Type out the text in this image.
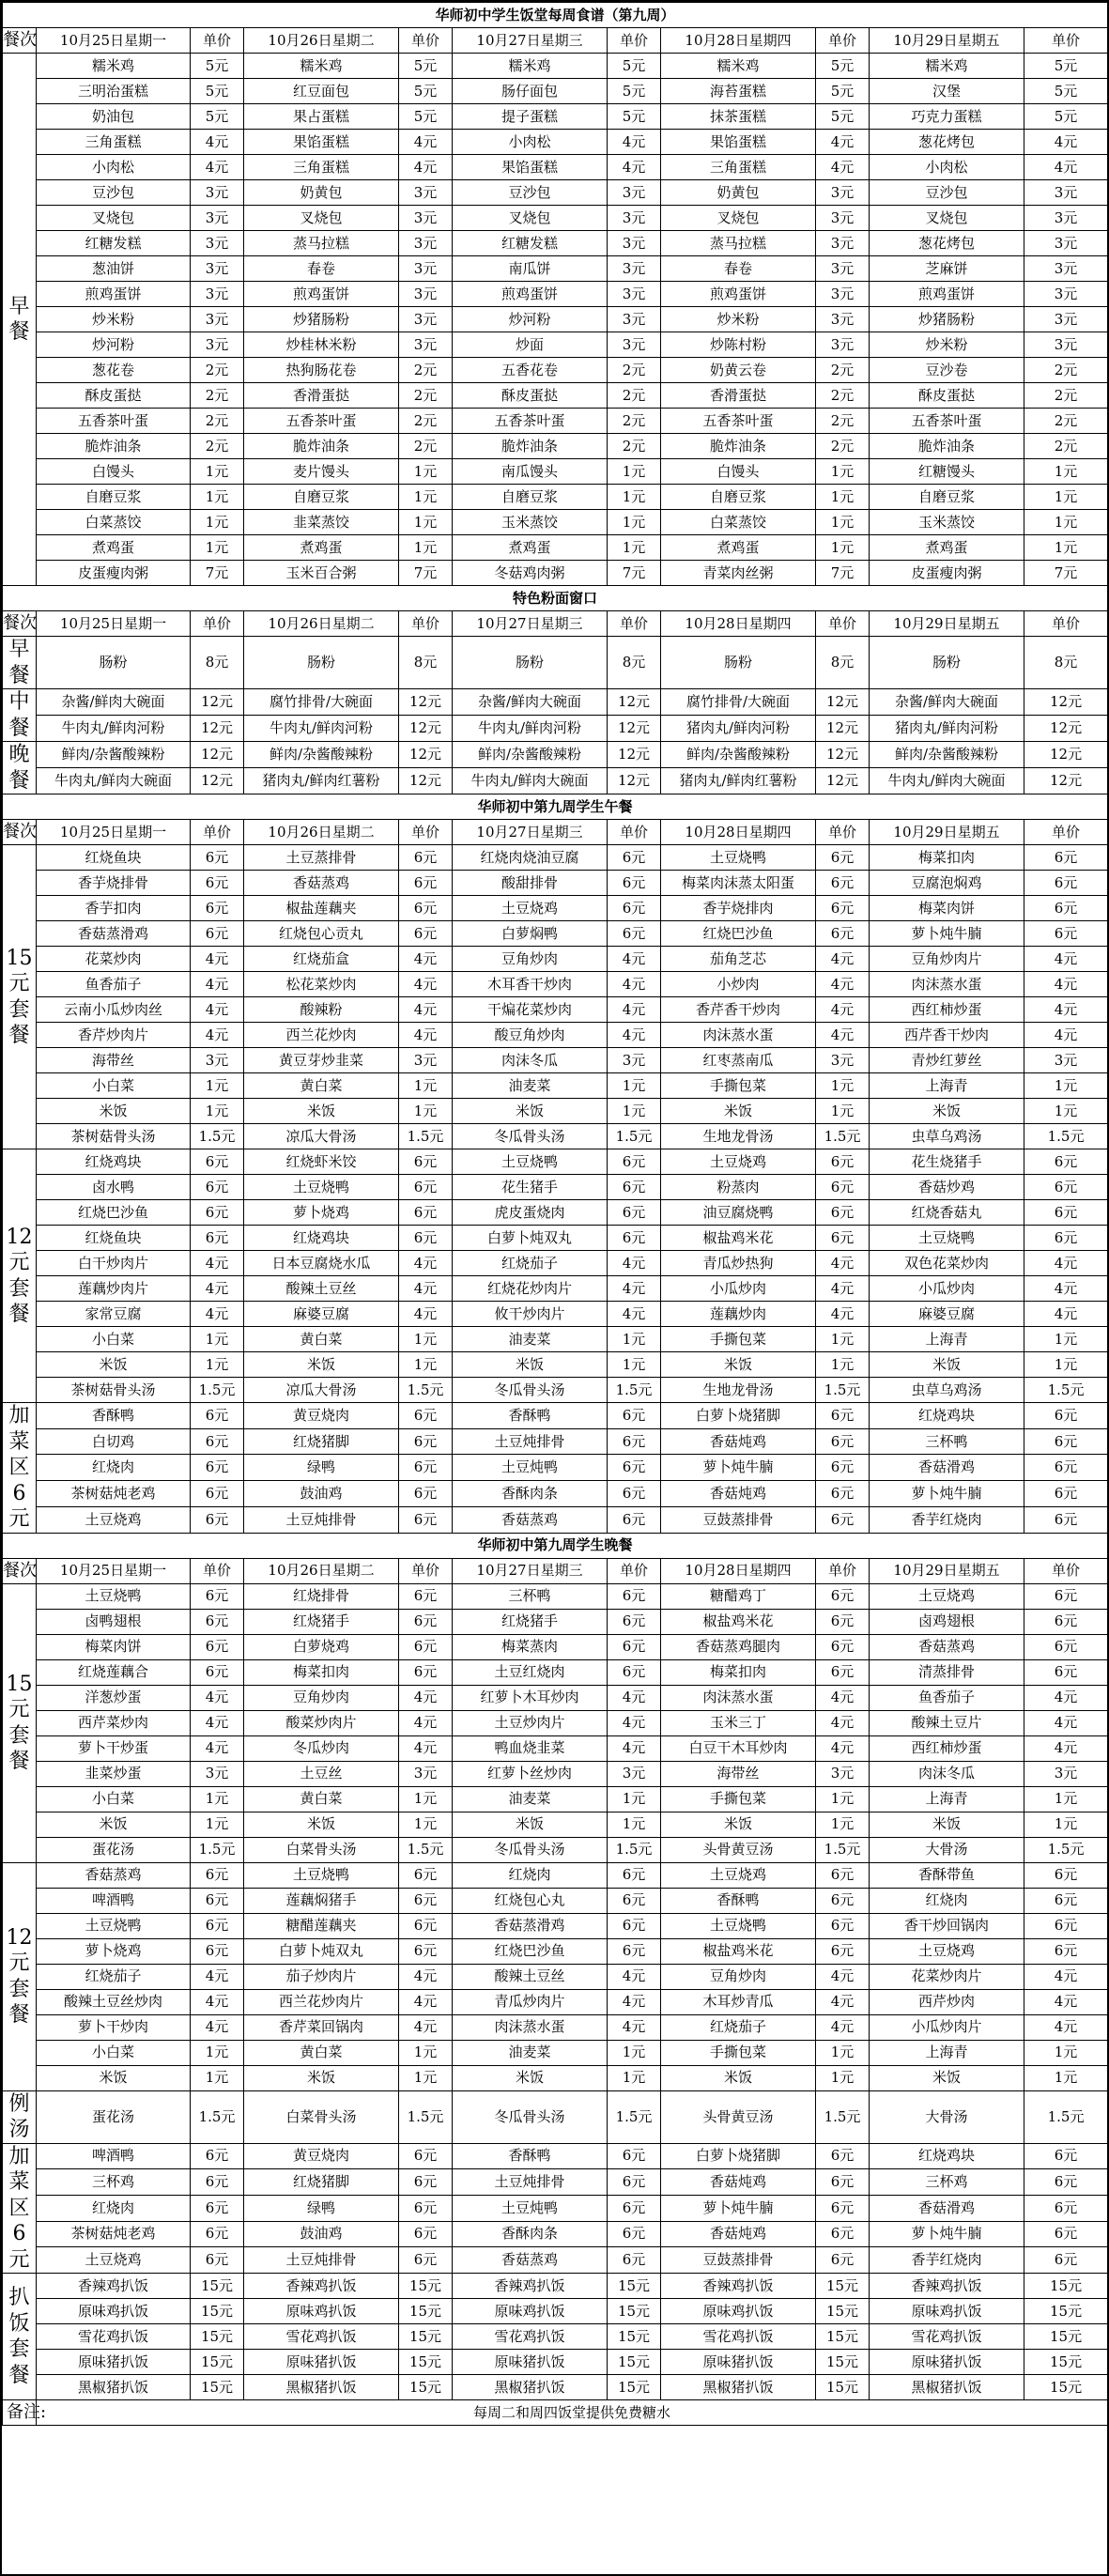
华师初中学生饭堂每周食谱（第九周）										
餐次	10月25日星期一	单价	10月26日星期二	单价	10月27日星期三	单价	10月28日星期四	单价	10月29日星期五	单价
早
餐	糯米鸡	5元	糯米鸡	5元	糯米鸡	5元	糯米鸡	5元	糯米鸡	5元
	三明治蛋糕	5元	红豆面包	5元	肠仔面包	5元	海苔蛋糕	5元	汉堡	5元
	奶油包	5元	果占蛋糕	5元	提子蛋糕	5元	抹茶蛋糕	5元	巧克力蛋糕	5元
	三角蛋糕	4元	果馅蛋糕	4元	小肉松	4元	果馅蛋糕	4元	葱花烤包	4元
	小肉松	4元	三角蛋糕	4元	果馅蛋糕	4元	三角蛋糕	4元	小肉松	4元
	豆沙包	3元	奶黄包	3元	豆沙包	3元	奶黄包	3元	豆沙包	3元
	叉烧包	3元	叉烧包	3元	叉烧包	3元	叉烧包	3元	叉烧包	3元
	红糖发糕	3元	蒸马拉糕	3元	红糖发糕	3元	蒸马拉糕	3元	葱花烤包	3元
	葱油饼	3元	春卷	3元	南瓜饼	3元	春卷	3元	芝麻饼	3元
	煎鸡蛋饼	3元	煎鸡蛋饼	3元	煎鸡蛋饼	3元	煎鸡蛋饼	3元	煎鸡蛋饼	3元
	炒米粉	3元	炒猪肠粉	3元	炒河粉	3元	炒米粉	3元	炒猪肠粉	3元
	炒河粉	3元	炒桂林米粉	3元	炒面	3元	炒陈村粉	3元	炒米粉	3元
	葱花卷	2元	热狗肠花卷	2元	五香花卷	2元	奶黄云卷	2元	豆沙卷	2元
	酥皮蛋挞	2元	香滑蛋挞	2元	酥皮蛋挞	2元	香滑蛋挞	2元	酥皮蛋挞	2元
	五香茶叶蛋	2元	五香茶叶蛋	2元	五香茶叶蛋	2元	五香茶叶蛋	2元	五香茶叶蛋	2元
	脆炸油条	2元	脆炸油条	2元	脆炸油条	2元	脆炸油条	2元	脆炸油条	2元
	白馒头	1元	麦片馒头	1元	南瓜馒头	1元	白馒头	1元	红糖馒头	1元
	自磨豆浆	1元	自磨豆浆	1元	自磨豆浆	1元	自磨豆浆	1元	自磨豆浆	1元
	白菜蒸饺	1元	韭菜蒸饺	1元	玉米蒸饺	1元	白菜蒸饺	1元	玉米蒸饺	1元
	煮鸡蛋	1元	煮鸡蛋	1元	煮鸡蛋	1元	煮鸡蛋	1元	煮鸡蛋	1元
	皮蛋瘦肉粥	7元	玉米百合粥	7元	冬菇鸡肉粥	7元	青菜肉丝粥	7元	皮蛋瘦肉粥	7元
特色粉面窗口										
餐次	10月25日星期一	单价	10月26日星期二	单价	10月27日星期三	单价	10月28日星期四	单价	10月29日星期五	单价
早餐	肠粉	8元	肠粉	8元	肠粉	8元	肠粉	8元	肠粉	8元
中餐	杂酱/鲜肉大碗面	12元	腐竹排骨/大碗面	12元	杂酱/鲜肉大碗面	12元	腐竹排骨/大碗面	12元	杂酱/鲜肉大碗面	12元
	牛肉丸/鲜肉河粉	12元	牛肉丸/鲜肉河粉	12元	牛肉丸/鲜肉河粉	12元	猪肉丸/鲜肉河粉	12元	猪肉丸/鲜肉河粉	12元
晚餐	鲜肉/杂酱酸辣粉	12元	鲜肉/杂酱酸辣粉	12元	鲜肉/杂酱酸辣粉	12元	鲜肉/杂酱酸辣粉	12元	鲜肉/杂酱酸辣粉	12元
	牛肉丸/鲜肉大碗面	12元	猪肉丸/鲜肉红薯粉	12元	牛肉丸/鲜肉大碗面	12元	猪肉丸/鲜肉红薯粉	12元	牛肉丸/鲜肉大碗面	12元
华师初中第九周学生午餐										
餐次	10月25日星期一	单价	10月26日星期二	单价	10月27日星期三	单价	10月28日星期四	单价	10月29日星期五	单价
15
元
套
餐	红烧鱼块	6元	土豆蒸排骨	6元	红烧肉烧油豆腐	6元	土豆烧鸭	6元	梅菜扣肉	6元
	香芋烧排骨	6元	香菇蒸鸡	6元	酸甜排骨	6元	梅菜肉沫蒸太阳蛋	6元	豆腐泡焖鸡	6元
	香芋扣肉	6元	椒盐莲藕夹	6元	土豆烧鸡	6元	香芋烧排肉	6元	梅菜肉饼	6元
	香菇蒸滑鸡	6元	红烧包心贡丸	6元	白萝焖鸭	6元	红烧巴沙鱼	6元	萝卜炖牛腩	6元
	花菜炒肉	4元	红烧茄盒	4元	豆角炒肉	4元	茄角芝芯	4元	豆角炒肉片	4元
	鱼香茄子	4元	松花菜炒肉	4元	木耳香干炒肉	4元	小炒肉	4元	肉沫蒸水蛋	4元
	云南小瓜炒肉丝	4元	酸辣粉	4元	干煸花菜炒肉	4元	香芹香干炒肉	4元	西红柿炒蛋	4元
	香芹炒肉片	4元	西兰花炒肉	4元	酸豆角炒肉	4元	肉沫蒸水蛋	4元	西芹香干炒肉	4元
	海带丝	3元	黄豆芽炒韭菜	3元	肉沫冬瓜	3元	红枣蒸南瓜	3元	青炒红萝丝	3元
	小白菜	1元	黄白菜	1元	油麦菜	1元	手撕包菜	1元	上海青	1元
	米饭	1元	米饭	1元	米饭	1元	米饭	1元	米饭	1元
	茶树菇骨头汤	1.5元	凉瓜大骨汤	1.5元	冬瓜骨头汤	1.5元	生地龙骨汤	1.5元	虫草乌鸡汤	1.5元
12
元
套
餐	红烧鸡块	6元	红烧虾米饺	6元	土豆烧鸭	6元	土豆烧鸡	6元	花生烧猪手	6元
	卤水鸭	6元	土豆烧鸭	6元	花生猪手	6元	粉蒸肉	6元	香菇炒鸡	6元
	红烧巴沙鱼	6元	萝卜烧鸡	6元	虎皮蛋烧肉	6元	油豆腐烧鸭	6元	红烧香菇丸	6元
	红烧鱼块	6元	红烧鸡块	6元	白萝卜炖双丸	6元	椒盐鸡米花	6元	土豆烧鸭	6元
	白干炒肉片	4元	日本豆腐烧水瓜	4元	红烧茄子	4元	青瓜炒热狗	4元	双色花菜炒肉	4元
	莲藕炒肉片	4元	酸辣土豆丝	4元	红烧花炒肉片	4元	小瓜炒肉	4元	小瓜炒肉	4元
	家常豆腐	4元	麻婆豆腐	4元	攸干炒肉片	4元	莲藕炒肉	4元	麻婆豆腐	4元
	小白菜	1元	黄白菜	1元	油麦菜	1元	手撕包菜	1元	上海青	1元
	米饭	1元	米饭	1元	米饭	1元	米饭	1元	米饭	1元
	茶树菇骨头汤	1.5元	凉瓜大骨汤	1.5元	冬瓜骨头汤	1.5元	生地龙骨汤	1.5元	虫草乌鸡汤	1.5元
加
菜
区6
元	香酥鸭	6元	黄豆烧肉	6元	香酥鸭	6元	白萝卜烧猪脚	6元	红烧鸡块	6元
	白切鸡	6元	红烧猪脚	6元	土豆炖排骨	6元	香菇炖鸡	6元	三杯鸭	6元
	红烧肉	6元	绿鸭	6元	土豆炖鸭	6元	萝卜炖牛腩	6元	香菇滑鸡	6元
	茶树菇炖老鸡	6元	鼓油鸡	6元	香酥肉条	6元	香菇炖鸡	6元	萝卜炖牛腩	6元
	土豆烧鸡	6元	土豆炖排骨	6元	香菇蒸鸡	6元	豆鼓蒸排骨	6元	香芋红烧肉	6元
华师初中第九周学生晚餐										
餐次	10月25日星期一	单价	10月26日星期二	单价	10月27日星期三	单价	10月28日星期四	单价	10月29日星期五	单价
15
元
套
餐	土豆烧鸭	6元	红烧排骨	6元	三杯鸭	6元	糖醋鸡丁	6元	土豆烧鸡	6元
	卤鸭翅根	6元	红烧猪手	6元	红烧猪手	6元	椒盐鸡米花	6元	卤鸡翅根	6元
	梅菜肉饼	6元	白萝烧鸡	6元	梅菜蒸肉	6元	香菇蒸鸡腿肉	6元	香菇蒸鸡	6元
	红烧莲藕合	6元	梅菜扣肉	6元	土豆红烧肉	6元	梅菜扣肉	6元	清蒸排骨	6元
	洋葱炒蛋	4元	豆角炒肉	4元	红萝卜木耳炒肉	4元	肉沫蒸水蛋	4元	鱼香茄子	4元
	西芹菜炒肉	4元	酸菜炒肉片	4元	土豆炒肉片	4元	玉米三丁	4元	酸辣土豆片	4元
	萝卜干炒蛋	4元	冬瓜炒肉	4元	鸭血烧韭菜	4元	白豆干木耳炒肉	4元	西红柿炒蛋	4元
	韭菜炒蛋	3元	土豆丝	3元	红萝卜丝炒肉	3元	海带丝	3元	肉沫冬瓜	3元
	小白菜	1元	黄白菜	1元	油麦菜	1元	手撕包菜	1元	上海青	1元
	米饭	1元	米饭	1元	米饭	1元	米饭	1元	米饭	1元
	蛋花汤	1.5元	白菜骨头汤	1.5元	冬瓜骨头汤	1.5元	头骨黄豆汤	1.5元	大骨汤	1.5元
12
元
套
餐	香菇蒸鸡	6元	土豆烧鸭	6元	红烧肉	6元	土豆烧鸡	6元	香酥带鱼	6元
	啤酒鸭	6元	莲藕焖猪手	6元	红烧包心丸	6元	香酥鸭	6元	红烧肉	6元
	土豆烧鸭	6元	糖醋莲藕夹	6元	香菇蒸滑鸡	6元	土豆烧鸭	6元	香干炒回锅肉	6元
	萝卜烧鸡	6元	白萝卜炖双丸	6元	红烧巴沙鱼	6元	椒盐鸡米花	6元	土豆烧鸡	6元
	红烧茄子	4元	茄子炒肉片	4元	酸辣土豆丝	4元	豆角炒肉	4元	花菜炒肉片	4元
	酸辣土豆丝炒肉	4元	西兰花炒肉片	4元	青瓜炒肉片	4元	木耳炒青瓜	4元	西芹炒肉	4元
	萝卜干炒肉	4元	香芹菜回锅肉	4元	肉沫蒸水蛋	4元	红烧茄子	4元	小瓜炒肉片	4元
	小白菜	1元	黄白菜	1元	油麦菜	1元	手撕包菜	1元	上海青	1元
	米饭	1元	米饭	1元	米饭	1元	米饭	1元	米饭	1元
例汤	蛋花汤	1.5元	白菜骨头汤	1.5元	冬瓜骨头汤	1.5元	头骨黄豆汤	1.5元	大骨汤	1.5元
加
菜
区6
元	啤酒鸭	6元	黄豆烧肉	6元	香酥鸭	6元	白萝卜烧猪脚	6元	红烧鸡块	6元
	三杯鸡	6元	红烧猪脚	6元	土豆炖排骨	6元	香菇炖鸡	6元	三杯鸡	6元
	红烧肉	6元	绿鸭	6元	土豆炖鸭	6元	萝卜炖牛腩	6元	香菇滑鸡	6元
	茶树菇炖老鸡	6元	鼓油鸡	6元	香酥肉条	6元	香菇炖鸡	6元	萝卜炖牛腩	6元
	土豆烧鸡	6元	土豆炖排骨	6元	香菇蒸鸡	6元	豆鼓蒸排骨	6元	香芋红烧肉	6元
扒
饭
套
餐	香辣鸡扒饭	15元	香辣鸡扒饭	15元	香辣鸡扒饭	15元	香辣鸡扒饭	15元	香辣鸡扒饭	15元
	原味鸡扒饭	15元	原味鸡扒饭	15元	原味鸡扒饭	15元	原味鸡扒饭	15元	原味鸡扒饭	15元
	雪花鸡扒饭	15元	雪花鸡扒饭	15元	雪花鸡扒饭	15元	雪花鸡扒饭	15元	雪花鸡扒饭	15元
	原味猪扒饭	15元	原味猪扒饭	15元	原味猪扒饭	15元	原味猪扒饭	15元	原味猪扒饭	15元
	黑椒猪扒饭	15元	黑椒猪扒饭	15元	黑椒猪扒饭	15元	黑椒猪扒饭	15元	黑椒猪扒饭	15元
备注:	每周二和周四饭堂提供免费糖水									
